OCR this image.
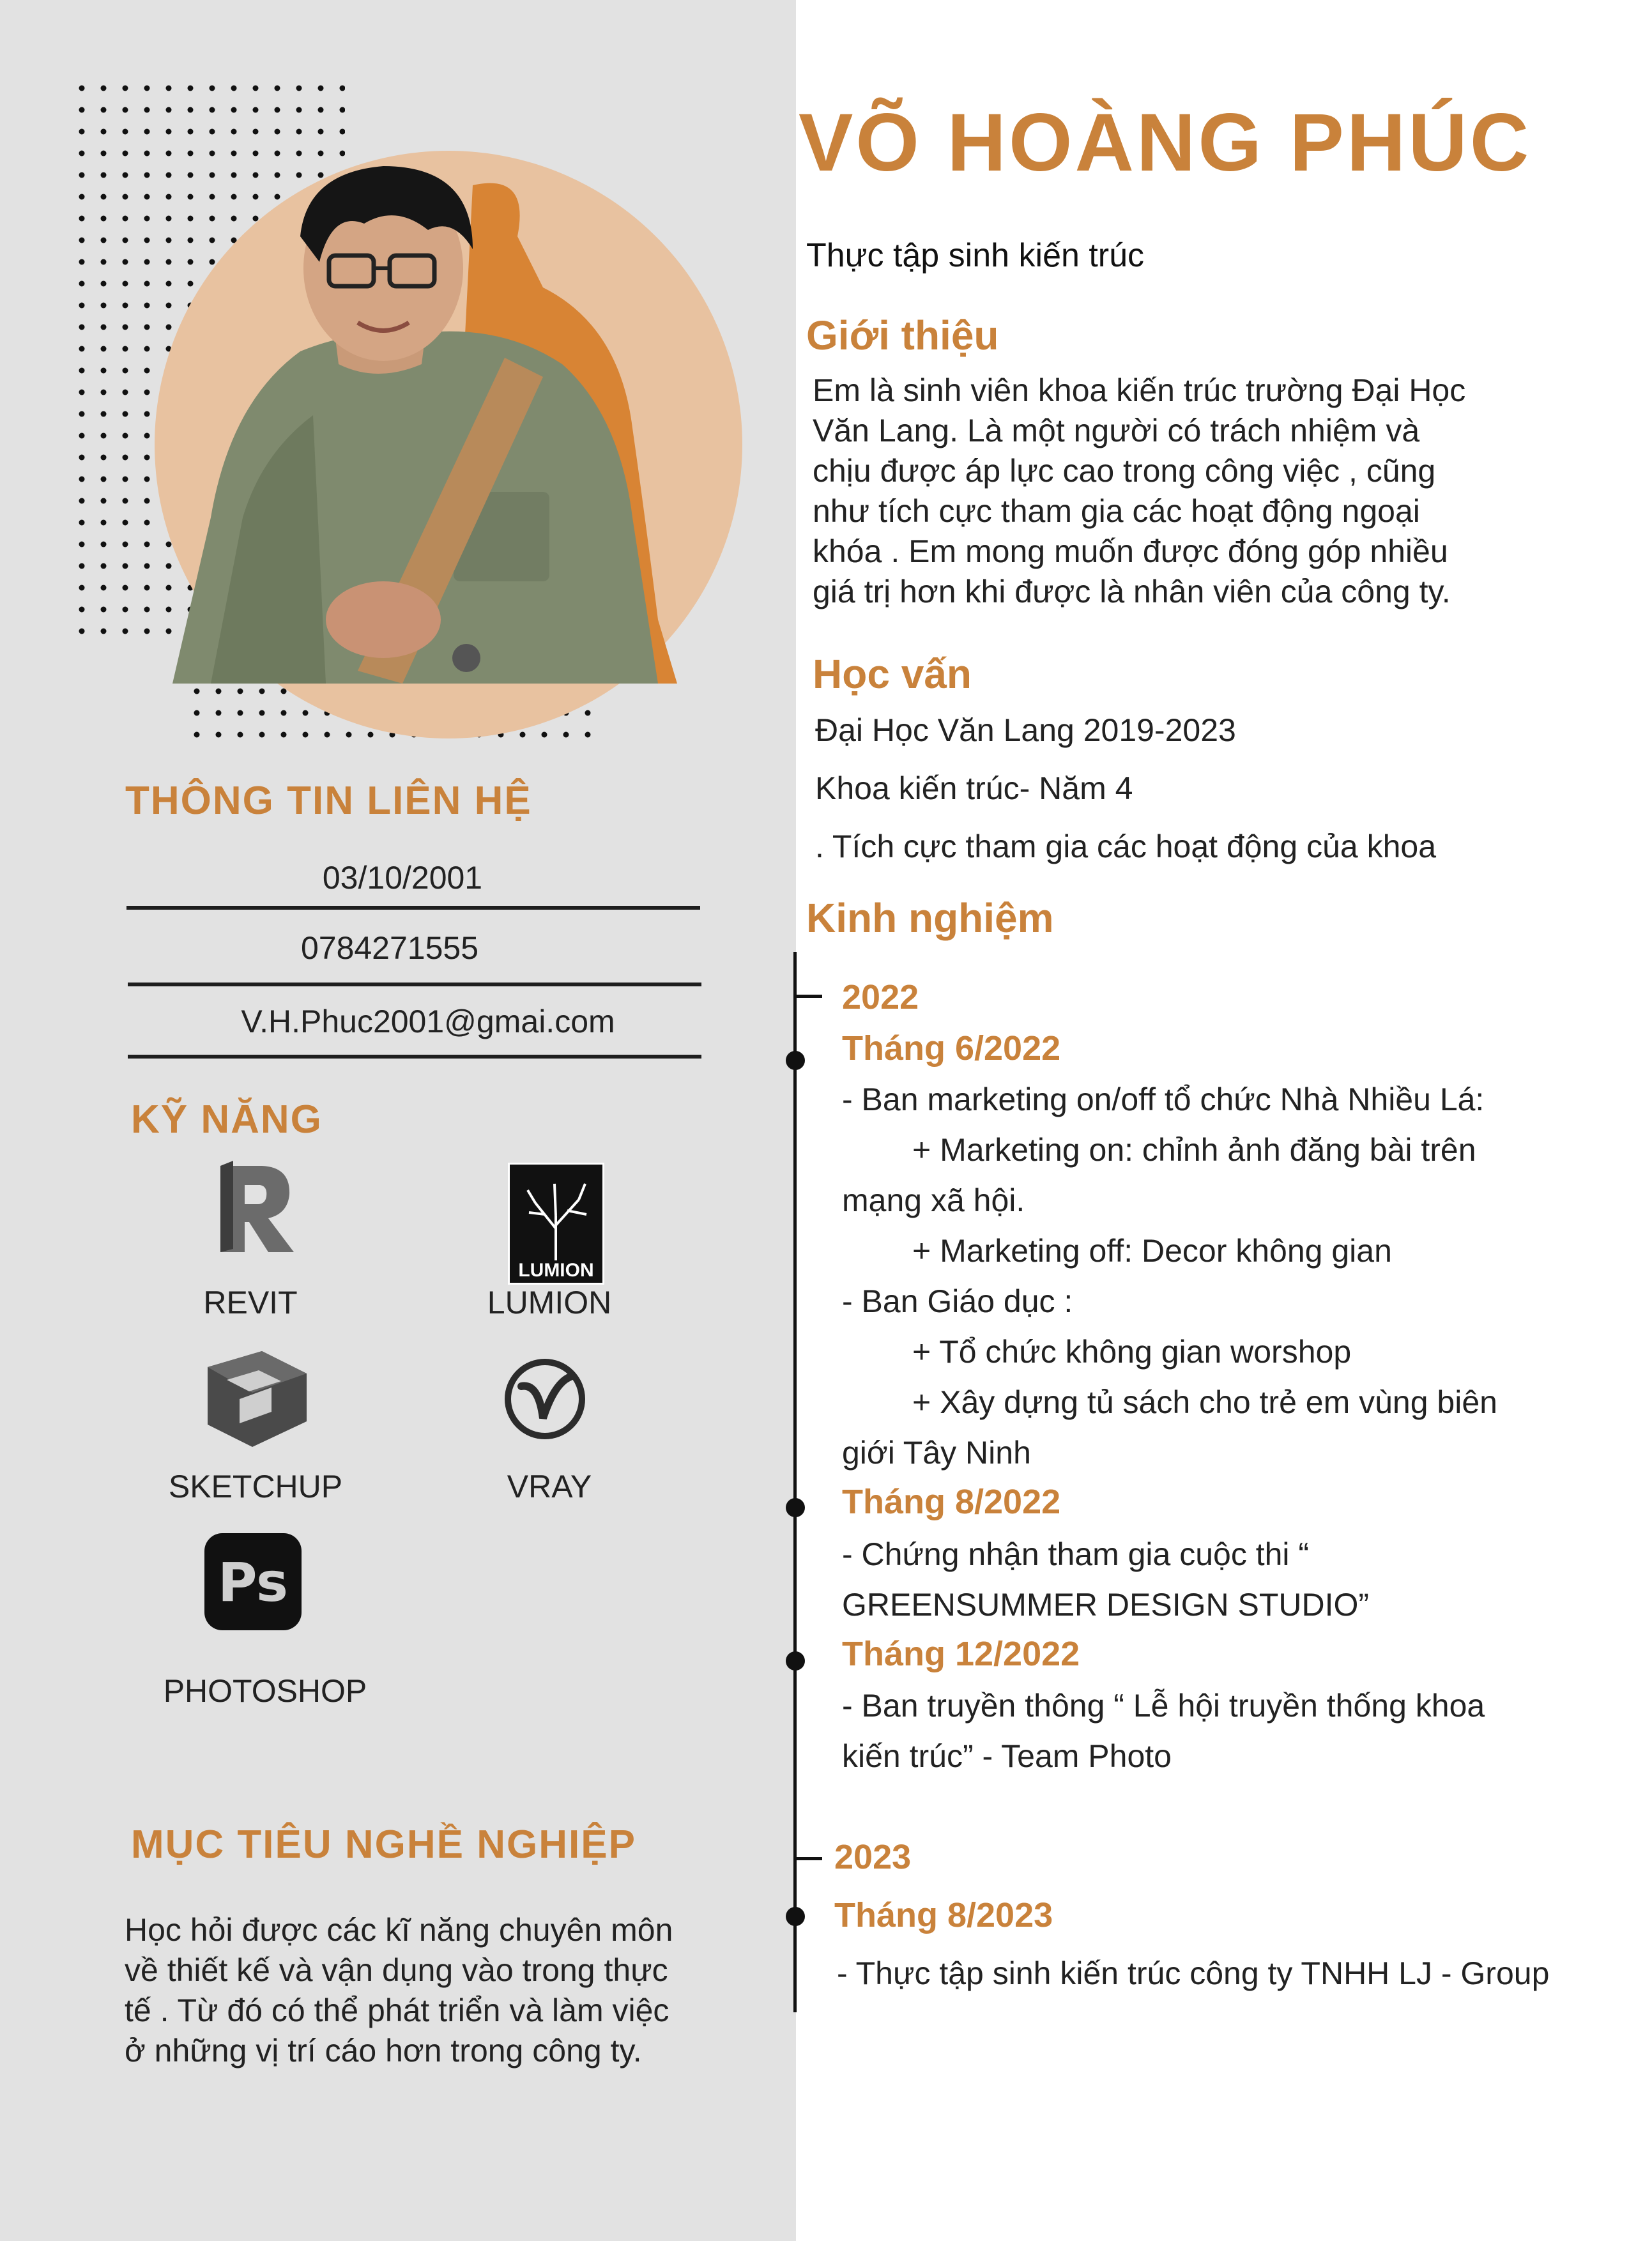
VÕ HOÀNG PHÚC
Thực tập sinh kiến trúc
Giới thiệu
Em là sinh viên khoa kiến trúc trường Đại Học
Văn Lang. Là một người có trách nhiệm và
chịu được áp lực cao trong công việc , cũng
như tích cực tham gia các hoạt động ngoại
khóa . Em mong muốn được đóng góp nhiều
giá trị hơn khi được là nhân viên của công ty.
Học vấn
Đại Học Văn Lang 2019-2023
Khoa kiến trúc- Năm 4
. Tích cực tham gia các hoạt động của khoa
Kinh nghiệm
2022
Tháng 6/2022
- Ban marketing on/off tổ chức Nhà Nhiều Lá:
+ Marketing on: chỉnh ảnh đăng bài trên
mạng xã hội.
+ Marketing off: Decor không gian
- Ban Giáo dục :
+ Tổ chức không gian worshop
+ Xây dựng tủ sách cho trẻ em vùng biên
giới Tây Ninh
Tháng 8/2022
- Chứng nhận tham gia cuộc thi “
GREENSUMMER DESIGN STUDIO”
Tháng 12/2022
- Ban truyền thông “ Lễ hội truyền thống khoa
kiến trúc” - Team Photo
2023
Tháng 8/2023
- Thực tập sinh kiến trúc công ty TNHH LJ - Group
THÔNG TIN LIÊN HỆ
03/10/2001
0784271555
V.H.Phuc2001@gmai.com
KỸ NĂNG
REVIT
LUMION
LUMION
SKETCHUP	VRAY
Ps
PHOTOSHOP
MỤC TIÊU NGHỀ NGHIỆP
Học hỏi được các kĩ năng chuyên môn
về thiết kế và vận dụng vào trong thực
tế . Từ đó có thể phát triển và làm việc
ở những vị trí cáo hơn trong công ty.
